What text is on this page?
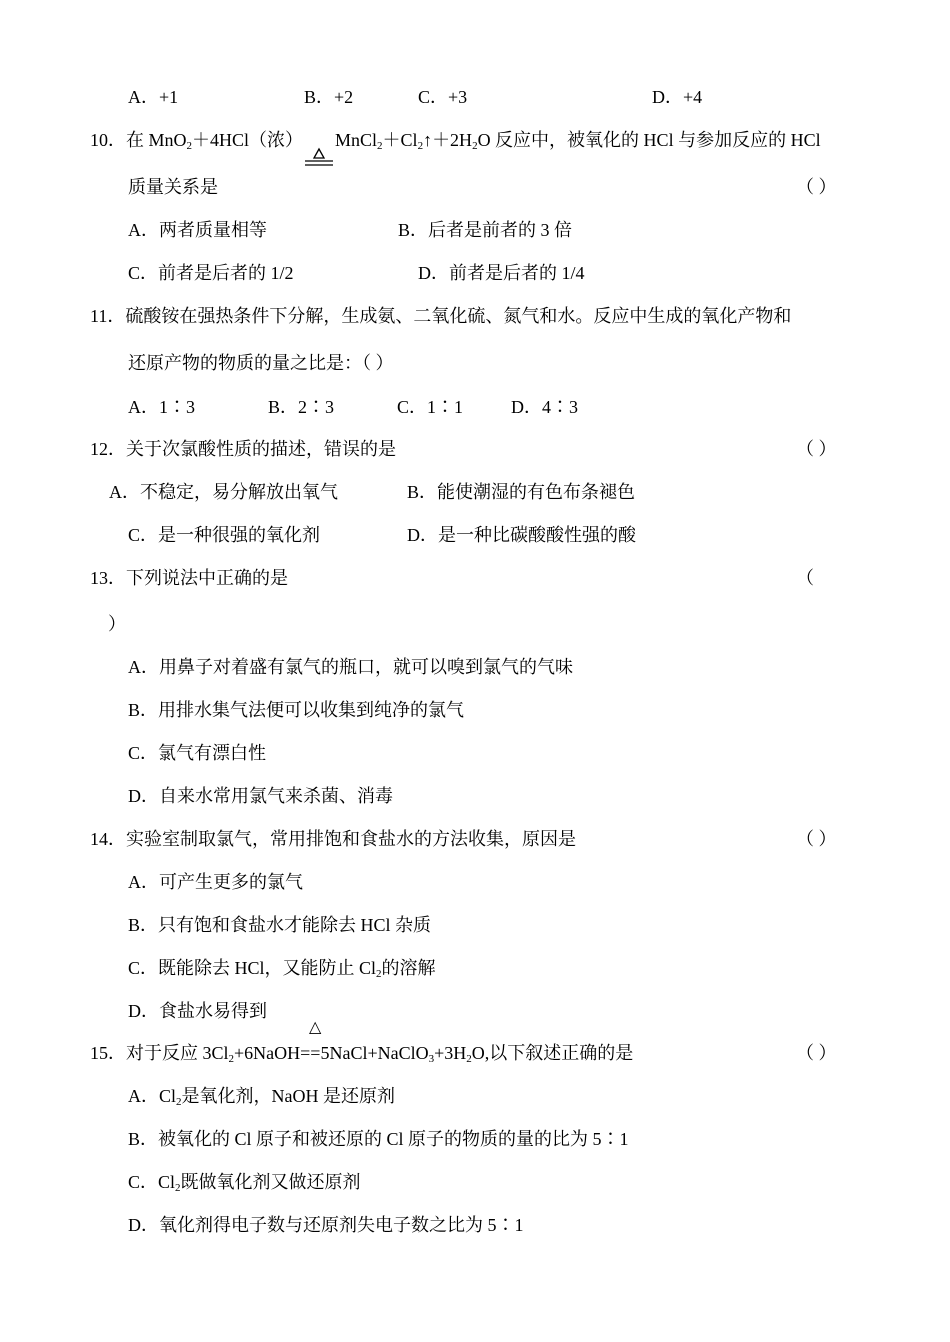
A．+1	B．+2	C．+3	D．+4
10．在 MnO$_2$＋4HCl（浓） $MnCl_2+Cl_2↑+2H_2O$ 反应中，被氧化的 HCl 与参加反应的 HCl
质量关系是	（ ）
A．两者质量相等	B．后者是前者的 3 倍
C．前者是后者的 1/2	D．前者是后者的 1/4
11．硫酸铵在强热条件下分解，生成氨、二氧化硫、氮气和水。反应中生成的氧化产物和
还原产物的物质的量之比是：（ ）
A．1∶3	B．2∶3	C．1∶1	D．4∶3
12．关于次氯酸性质的描述，错误的是	（ ）
A．不稳定，易分解放出氧气	B．能使潮湿的有色布条褪色
C．是一种很强的氧化剂	D．是一种比碳酸酸性强的酸
13．下列说法中正确的是	（
）
A．用鼻子对着盛有氯气的瓶口，就可以嗅到氯气的气味
B．用排水集气法便可以收集到纯净的氯气
C．氯气有漂白性
D．自来水常用氯气来杀菌、消毒
14．实验室制取氯气，常用排饱和食盐水的方法收集，原因是	（ ）
A．可产生更多的氯气
B．只有饱和食盐水才能除去 HCl 杂质
C．既能除去 HCl，又能防止 $Cl_2$的溶解
D．食盐水易得到
△
15．对于反应 $3Cl_2+6NaOH==5NaCl+NaClO_3+3H_2O$,以下叙述正确的是	（ ）
A．$Cl_2$是氧化剂，NaOH 是还原剂
B．被氧化的 Cl 原子和被还原的 Cl 原子的物质的量的比为 5∶1
C．$Cl_2$既做氧化剂又做还原剂
D．氧化剂得电子数与还原剂失电子数之比为 5∶1
